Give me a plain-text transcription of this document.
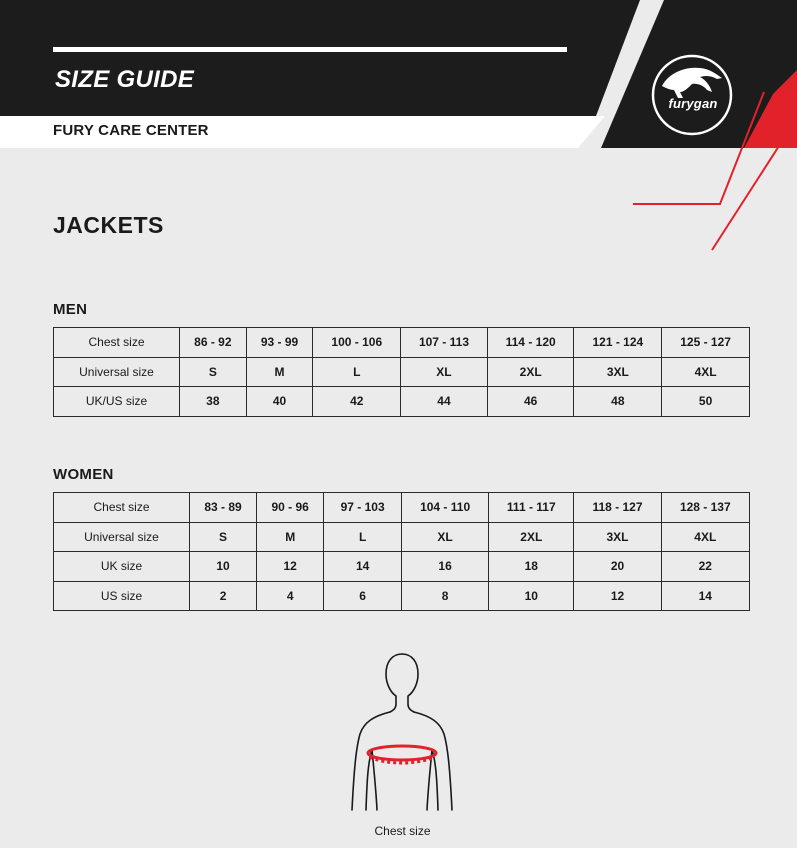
SIZE GUIDE
FURY CARE CENTER
furygan
JACKETS
MEN
Chest size	86 - 92	93 - 99	100 - 106	107 - 113	114 - 120	121 - 124	125 - 127
Universal size	S	M	L	XL	2XL	3XL	4XL
UK/US size	38	40	42	44	46	48	50
WOMEN
Chest size	83 - 89	90 - 96	97 - 103	104 - 110	111 - 117	118 - 127	128 - 137
Universal size	S	M	L	XL	2XL	3XL	4XL
UK size	10	12	14	16	18	20	22
US size	2	4	6	8	10	12	14
Chest size
